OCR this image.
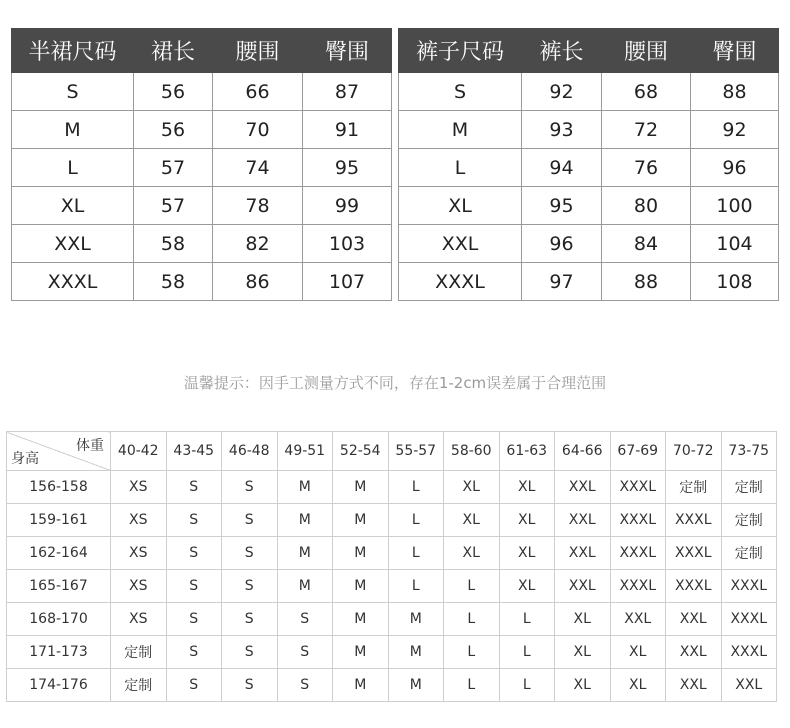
半裙尺码	裙长	腰围	臀围
S	56	66	87
M	56	70	91
L	57	74	95
XL	57	78	99
XXL	58	82	103
XXXL	58	86	107
裤子尺码	裤长	腰围	臀围
S	92	68	88
M	93	72	92
L	94	76	96
XL	95	80	100
XXL	96	84	104
XXXL	97	88	108
温馨提示：因手工测量方式不同，存在1-2cm误差属于合理范围
体重
身高	40-42	43-45	46-48	49-51	52-54	55-57	58-60	61-63	64-66	67-69	70-72	73-75
156-158	XS	S	S	M	M	L	XL	XL	XXL	XXXL	定制	定制
159-161	XS	S	S	M	M	L	XL	XL	XXL	XXXL	XXXL	定制
162-164	XS	S	S	M	M	L	XL	XL	XXL	XXXL	XXXL	定制
165-167	XS	S	S	M	M	L	L	XL	XXL	XXXL	XXXL	XXXL
168-170	XS	S	S	S	M	M	L	L	XL	XXL	XXL	XXXL
171-173	定制	S	S	S	M	M	L	L	XL	XL	XXL	XXXL
174-176	定制	S	S	S	M	M	L	L	XL	XL	XXL	XXL
